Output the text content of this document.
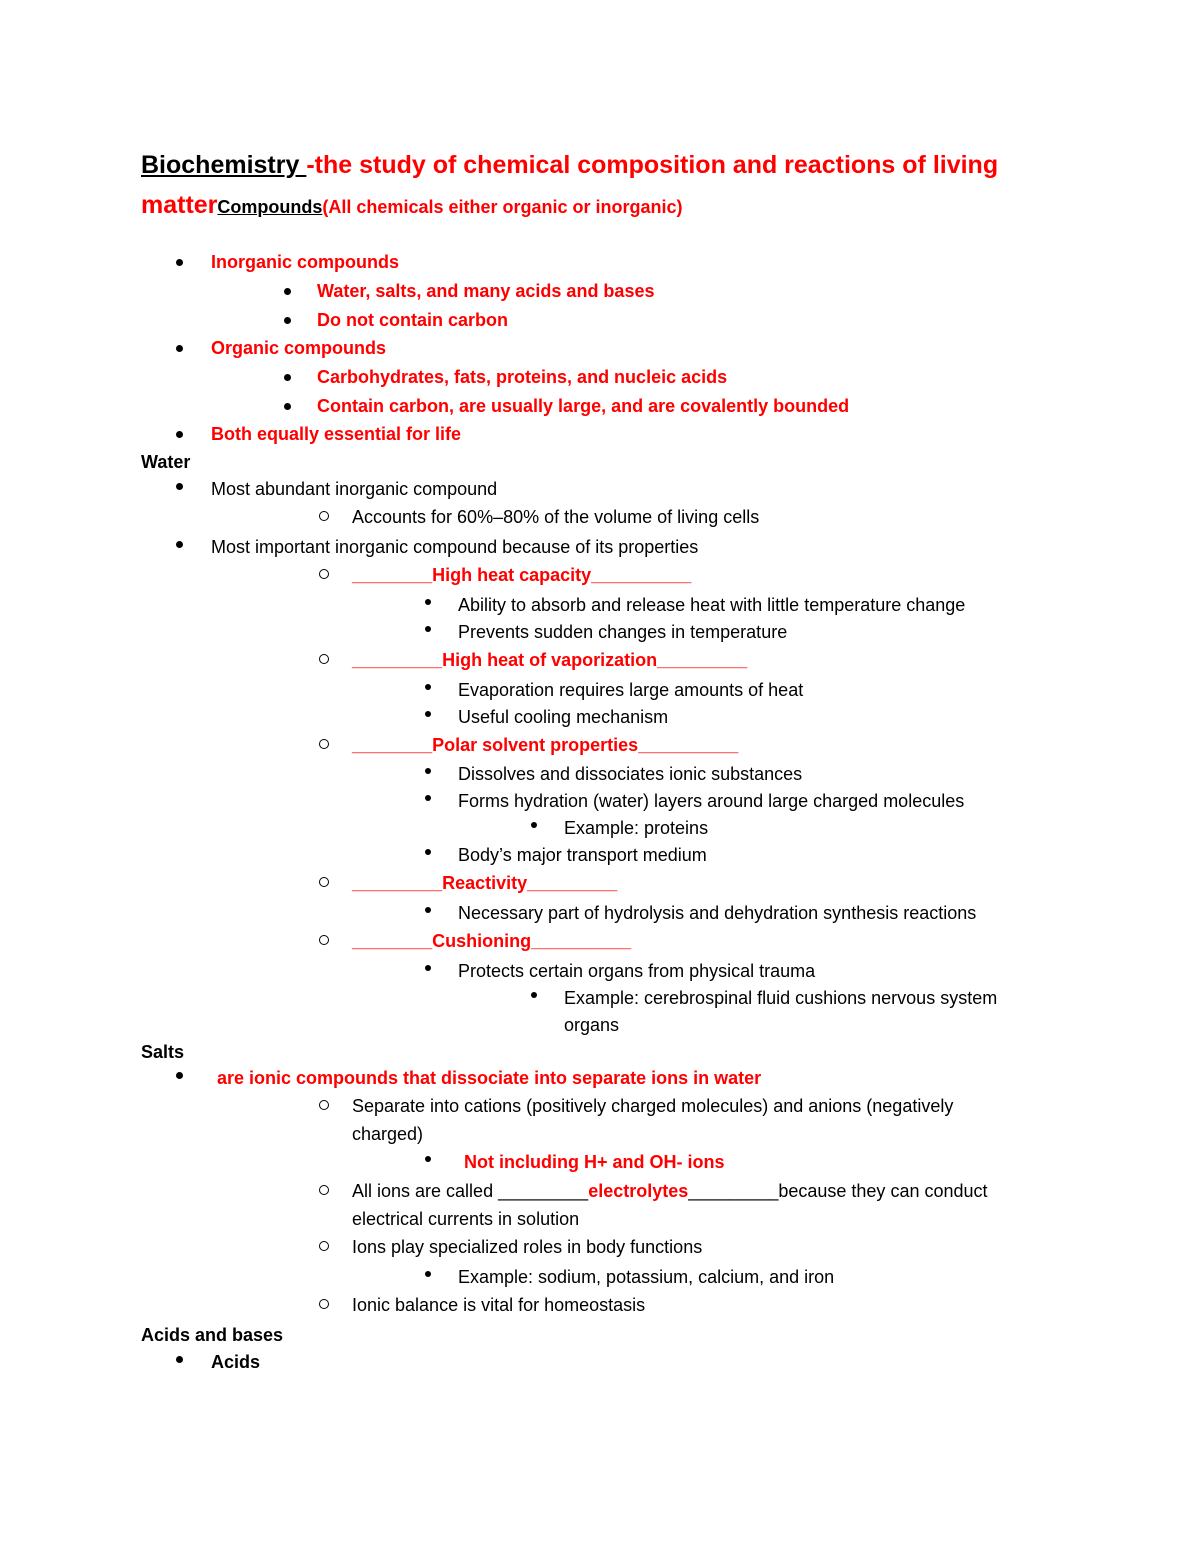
Biochemistry -the study of chemical composition and reactions of living matterCompounds(All chemicals either organic or inorganic)
Inorganic compounds
Water, salts, and many acids and bases
Do not contain carbon
Organic compounds
Carbohydrates, fats, proteins, and nucleic acids
Contain carbon, are usually large, and are covalently bounded
Both equally essential for life
Water
Most abundant inorganic compound
Accounts for 60%–80% of the volume of living cells
Most important inorganic compound because of its properties
________High heat capacity__________
Ability to absorb and release heat with little temperature change
Prevents sudden changes in temperature
_________High heat of vaporization_________
Evaporation requires large amounts of heat
Useful cooling mechanism
________Polar solvent properties__________
Dissolves and dissociates ionic substances
Forms hydration (water) layers around large charged molecules
Example: proteins
Body’s major transport medium
_________Reactivity_________
Necessary part of hydrolysis and dehydration synthesis reactions
________Cushioning__________
Protects certain organs from physical trauma
Example: cerebrospinal fluid cushions nervous system
organs
Salts
are ionic compounds that dissociate into separate ions in water
Separate into cations (positively charged molecules) and anions (negatively
charged)
Not including H+ and OH- ions
All ions are called _________electrolytes_________because they can conduct
electrical currents in solution
Ions play specialized roles in body functions
Example: sodium, potassium, calcium, and iron
Ionic balance is vital for homeostasis
Acids and bases
Acids
